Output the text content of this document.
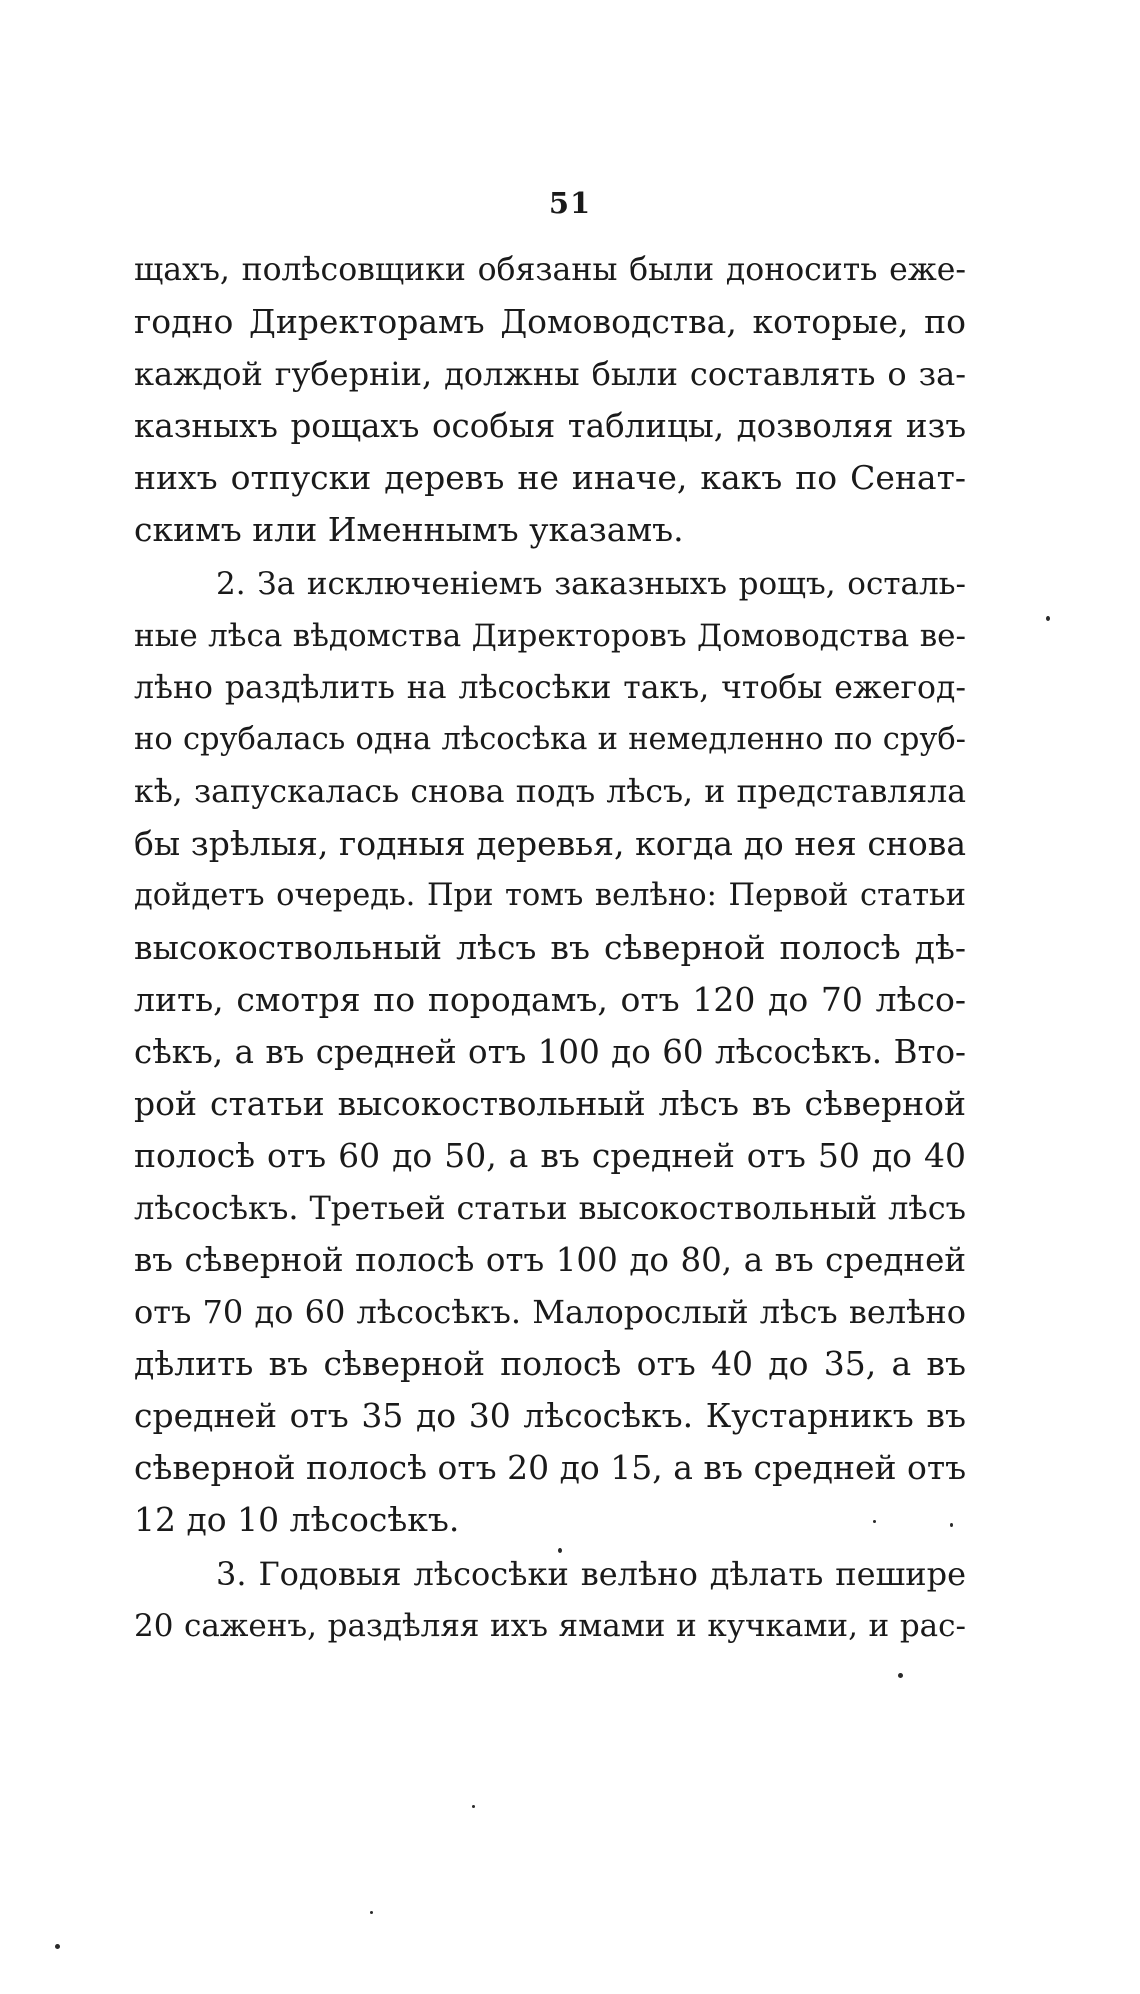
51
щахъ, полѣсовщики обязаны были доносить еже-
годно Директорамъ Домоводства, которые, по
каждой губерніи, должны были составлять о за-
казныхъ рощахъ особыя таблицы, дозволяя изъ
нихъ отпуски деревъ не иначе, какъ по Сенат-
скимъ или Именнымъ указамъ.
2. За исключеніемъ заказныхъ рощъ, осталь-
ные лѣса вѣдомства Директоровъ Домоводства ве-
лѣно раздѣлить на лѣсосѣки такъ, чтобы ежегод-
но срубалась одна лѣсосѣка и немедленно по сруб-
кѣ, запускалась снова подъ лѣсъ, и представляла
бы зрѣлыя, годныя деревья, когда до нея снова
дойдетъ очередь. При томъ велѣно: Первой статьи
высокоствольный лѣсъ въ сѣверной полосѣ дѣ-
лить, смотря по породамъ, отъ 120 до 70 лѣсо-
сѣкъ, а въ средней отъ 100 до 60 лѣсосѣкъ. Вто-
рой статьи высокоствольный лѣсъ въ сѣверной
полосѣ отъ 60 до 50, а въ средней отъ 50 до 40
лѣсосѣкъ. Третьей статьи высокоствольный лѣсъ
въ сѣверной полосѣ отъ 100 до 80, а въ средней
отъ 70 до 60 лѣсосѣкъ. Малорослый лѣсъ велѣно
дѣлить въ сѣверной полосѣ отъ 40 до 35, а въ
средней отъ 35 до 30 лѣсосѣкъ. Кустарникъ въ
сѣверной полосѣ отъ 20 до 15, а въ средней отъ
12 до 10 лѣсосѣкъ.
3. Годовыя лѣсосѣки велѣно дѣлать пешире
20 саженъ, раздѣляя ихъ ямами и кучками, и рас-
